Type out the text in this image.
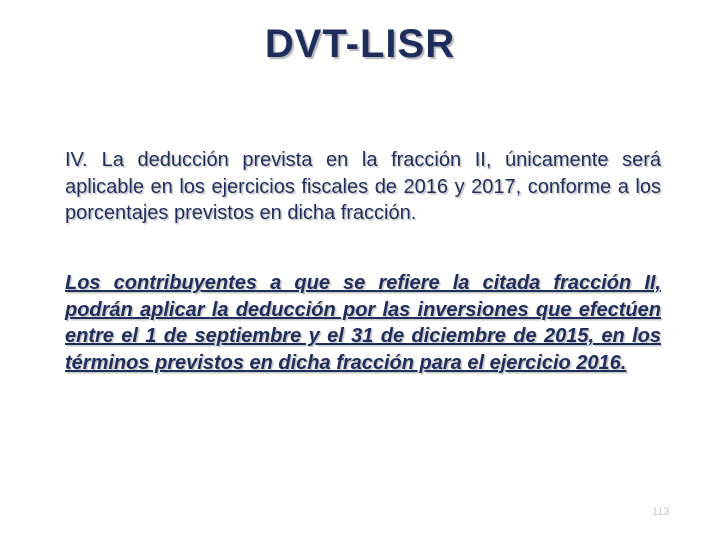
DVT-LISR
IV. La deducción prevista en la fracción II, únicamente será aplicable en los ejercicios fiscales de 2016 y 2017, conforme a los porcentajes previstos en dicha fracción.
Los contribuyentes a que se refiere la citada fracción II, podrán aplicar la deducción por las inversiones que efectúen entre el 1 de septiembre y el 31 de diciembre de 2015, en los términos previstos en dicha fracción para el ejercicio 2016.
113
